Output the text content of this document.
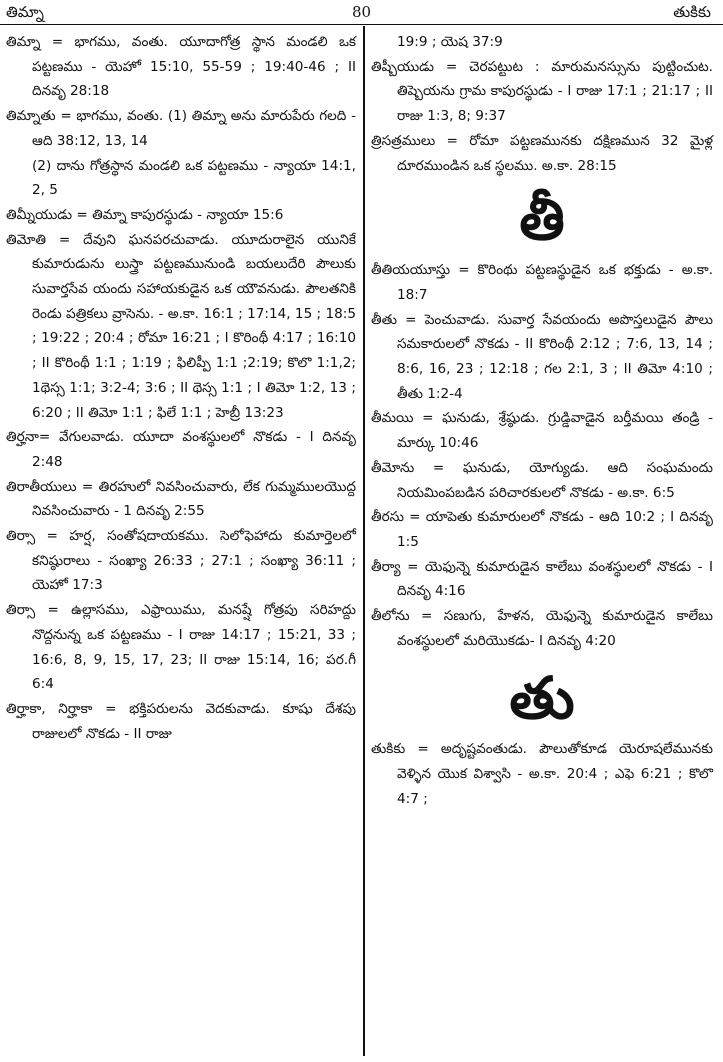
తిమ్నా	80	తుకికు
తిమ్నా = భాగము, వంతు. యూదాగోత్ర స్థాన మండలి ఒక పట్టణము - యెహో 15:10, 55-59 ; 19:40-46 ; II దినవృ 28:18
తిమ్నాతు = భాగము, వంతు. (1) తిమ్నా అను మారుపేరు గలది - ఆది 38:12, 13, 14
(2) దాను గోత్రస్థాన మండలి ఒక పట్టణము - న్యాయా 14:1, 2, 5
తిమ్నీయుడు = తిమ్నా కాపురస్థుడు - న్యాయా 15:6
తిమోతి = దేవుని ఘనపరచువాడు. యూదురాలైన యునికే కుమారుడును లుస్త్రా పట్టణమునుండి బయలుదేరి పౌలుకు సువార్తసేవ యందు సహాయకుడైన ఒక యౌవనుడు. పౌలతనికి రెండు పత్రికలు వ్రాసెను. - అ.కా. 16:1 ; 17:14, 15 ; 18:5 ; 19:22 ; 20:4 ; రోమా 16:21 ; I కొరింథీ 4:17 ; 16:10 ; II కొరింథీ 1:1 ; 1:19 ; ఫిలిప్పీ 1:1 ;2:19; కొలొ 1:1,2; 1థెస్స 1:1; 3:2-4; 3:6 ; II థెస్స 1:1 ; I తిమో 1:2, 13 ; 6:20 ; II తిమో 1:1 ; ఫిలే 1:1 ; హెబ్రీ 13:23
తిర్హనా= వేగులవాడు. యూదా వంశస్థులలో నొకడు - I దినవృ 2:48
తిరాతీయులు = తిరహులో నివసించువారు, లేక గుమ్మములయొద్ద నివసించువారు - 1 దినవృ 2:55
తిర్సా = హర్ష, సంతోషదాయకము. సెలోఫెహాదు కుమార్తెలలో కనిష్ఠురాలు - సంఖ్యా 26:33 ; 27:1 ; సంఖ్యా 36:11 ; యెహో 17:3
తిర్సా = ఉల్లాసము, ఎఫ్రాయిము, మనష్షే గోత్రపు సరిహద్దు నొద్దనున్న ఒక పట్టణము - I రాజు 14:17 ; 15:21, 33 ; 16:6, 8, 9, 15, 17, 23; II రాజు 15:14, 16; పర.గీ 6:4
తిర్హాకా, నిర్హాకా = భక్తిపరులను వెదకువాడు. కూషు దేశపు రాజులలో నొకడు - II రాజు
19:9 ; యెష 37:9
తిష్బీయుడు = చెరపట్టుట : మారుమనస్సును పుట్టించుట. తిష్బెయను గ్రామ కాపురస్థుడు - I రాజు 17:1 ; 21:17 ; II రాజు 1:3, 8; 9:37
త్రిసత్రములు = రోమా పట్టణమునకు దక్షిణమున 32 మైళ్ల దూరముండిన ఒక స్థలము. అ.కా. 28:15
తీ
తీతియయూస్తు = కొరింథు పట్టణస్థుడైన ఒక భక్తుడు - అ.కా. 18:7
తీతు = పెంచువాడు. సువార్త సేవయందు అపొస్తలుడైన పౌలు సమకారులలో నొకడు - II కొరింథీ 2:12 ; 7:6, 13, 14 ; 8:6, 16, 23 ; 12:18 ; గల 2:1, 3 ; II తిమో 4:10 ; తీతు 1:2-4
తీమయి = ఘనుడు, శ్రేష్ఠుడు. గ్రుడ్డివాడైన బర్తీమయి తండ్రి - మార్కు 10:46
తీమోను = ఘనుడు, యోగ్యుడు. ఆది సంఘమందు నియమింపబడిన పరిచారకులలో నొకడు - అ.కా. 6:5
తీరసు = యాపెతు కుమారులలో నొకడు - ఆది 10:2 ; I దినవృ 1:5
తీర్యా = యెఫున్నె కుమారుడైన కాలేబు వంశస్థులలో నొకడు - I దినవృ 4:16
తీలోను = సణుగు, హేళన, యెఫున్నె కుమారుడైన కాలేబు వంశస్థులలో మరియొకడు- I దినవృ 4:20
తు
తుకికు = అదృష్టవంతుడు. పౌలుతోకూడ యెరూషలేమునకు వెళ్ళిన యొక విశ్వాసి - అ.కా. 20:4 ; ఎఫె 6:21 ; కొలొ 4:7 ;
